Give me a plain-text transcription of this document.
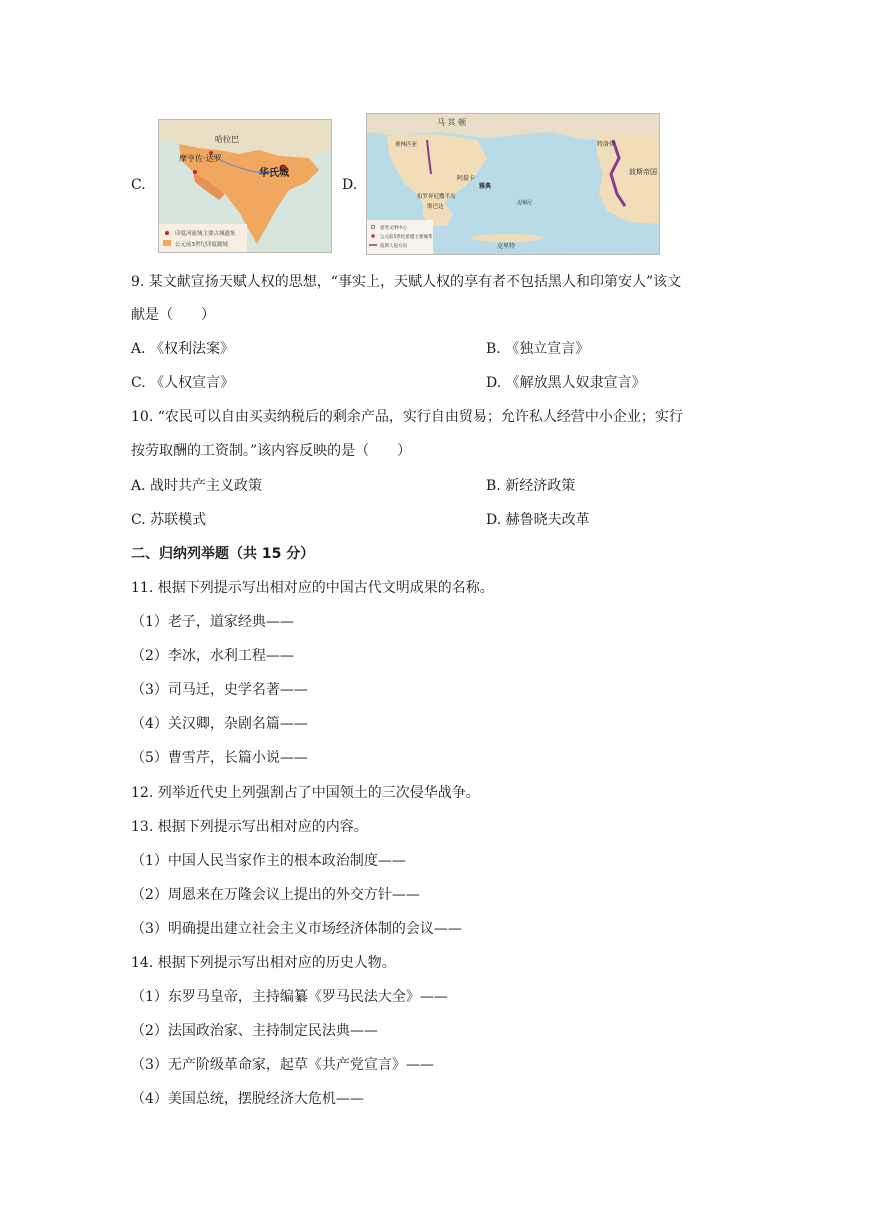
C.
哈拉巴
摩亨佐·达罗
华氏城
印度河流域主要古城遗址
公元前3世纪印度疆域
D.
马 其 顿
奥林匹亚
阿提卡
雅典
伯罗奔尼撒半岛
斯巴达
迈锡尼
特洛伊
波斯帝国
克里特
爱琴文明中心
公元前5世纪希腊主要城邦
波斯人侵方向
9. 某文献宣扬天赋人权的思想，“事实上，天赋人权的享有者不包括黑人和印第安人”该文
献是（　　）
A. 《权利法案》	B. 《独立宣言》
C. 《人权宣言》	D. 《解放黑人奴隶宣言》
10. “农民可以自由买卖纳税后的剩余产品，实行自由贸易；允许私人经营中小企业；实行
按劳取酬的工资制。”该内容反映的是（　　）
A. 战时共产主义政策	B. 新经济政策
C. 苏联模式	D. 赫鲁晓夫改革
二、归纳列举题（共 15 分）
11. 根据下列提示写出相对应的中国古代文明成果的名称。
（1）老子，道家经典——
（2）李冰，水利工程——
（3）司马迁，史学名著——
（4）关汉卿，杂剧名篇——
（5）曹雪芹，长篇小说——
12. 列举近代史上列强割占了中国领土的三次侵华战争。
13. 根据下列提示写出相对应的内容。
（1）中国人民当家作主的根本政治制度——
（2）周恩来在万隆会议上提出的外交方针——
（3）明确提出建立社会主义市场经济体制的会议——
14. 根据下列提示写出相对应的历史人物。
（1）东罗马皇帝，主持编纂《罗马民法大全》——
（2）法国政治家、主持制定民法典——
（3）无产阶级革命家，起草《共产党宣言》——
（4）美国总统，摆脱经济大危机——
